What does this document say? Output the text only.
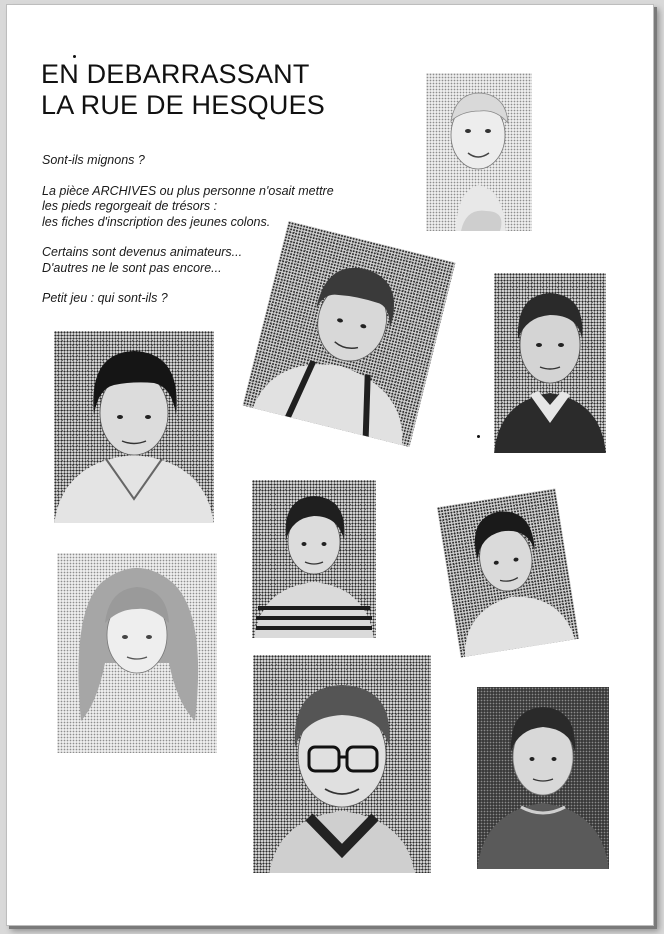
EN DEBARRASSANT
LA RUE DE HESQUES

Sont-ils mignons ?

La pièce ARCHIVES ou plus personne n'osait mettre
les pieds regorgeait de trésors :
les fiches d'inscription des jeunes colons.

Certains sont devenus animateurs...
D'autres ne le sont pas encore...

Petit jeu : qui sont-ils ?
